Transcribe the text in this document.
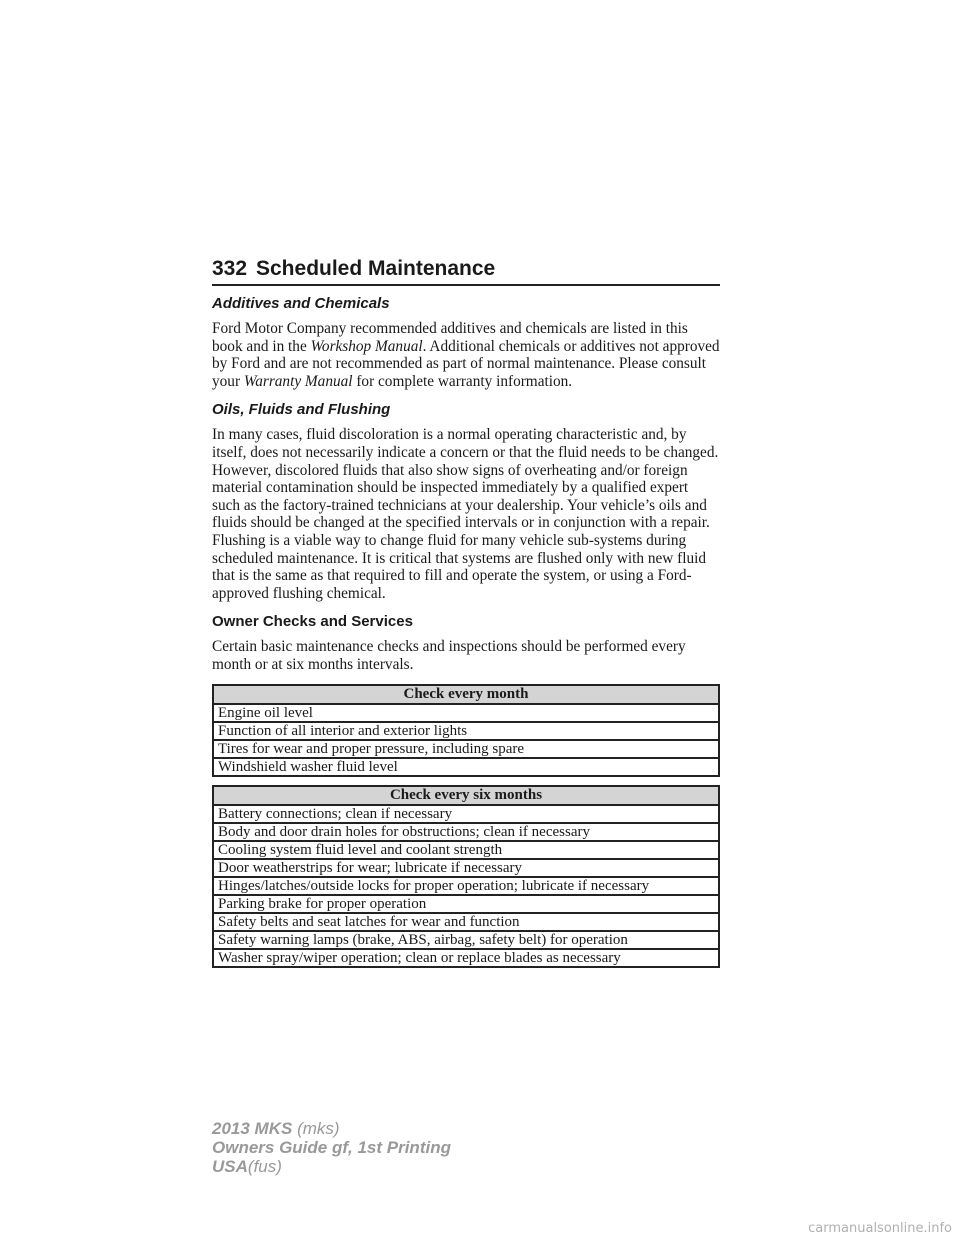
332 Scheduled Maintenance
Additives and Chemicals

Ford Motor Company recommended additives and chemicals are listed in this book and in the Workshop Manual. Additional chemicals or additives not approved by Ford and are not recommended as part of normal maintenance. Please consult your Warranty Manual for complete warranty information.

Oils, Fluids and Flushing

In many cases, fluid discoloration is a normal operating characteristic and, by itself, does not necessarily indicate a concern or that the fluid needs to be changed. However, discolored fluids that also show signs of overheating and/or foreign material contamination should be inspected immediately by a qualified expert such as the factory-trained technicians at your dealership. Your vehicle’s oils and fluids should be changed at the specified intervals or in conjunction with a repair. Flushing is a viable way to change fluid for many vehicle sub-systems during scheduled maintenance. It is critical that systems are flushed only with new fluid that is the same as that required to fill and operate the system, or using a Ford-approved flushing chemical.

Owner Checks and Services

Certain basic maintenance checks and inspections should be performed every month or at six months intervals.

Check every month
Engine oil level
Function of all interior and exterior lights
Tires for wear and proper pressure, including spare
Windshield washer fluid level
Check every six months
Battery connections; clean if necessary
Body and door drain holes for obstructions; clean if necessary
Cooling system fluid level and coolant strength
Door weatherstrips for wear; lubricate if necessary
Hinges/latches/outside locks for proper operation; lubricate if necessary
Parking brake for proper operation
Safety belts and seat latches for wear and function
Safety warning lamps (brake, ABS, airbag, safety belt) for operation
Washer spray/wiper operation; clean or replace blades as necessary
2013 MKS (mks)
Owners Guide gf, 1st Printing
USA(fus)
carmanualsonline.info
